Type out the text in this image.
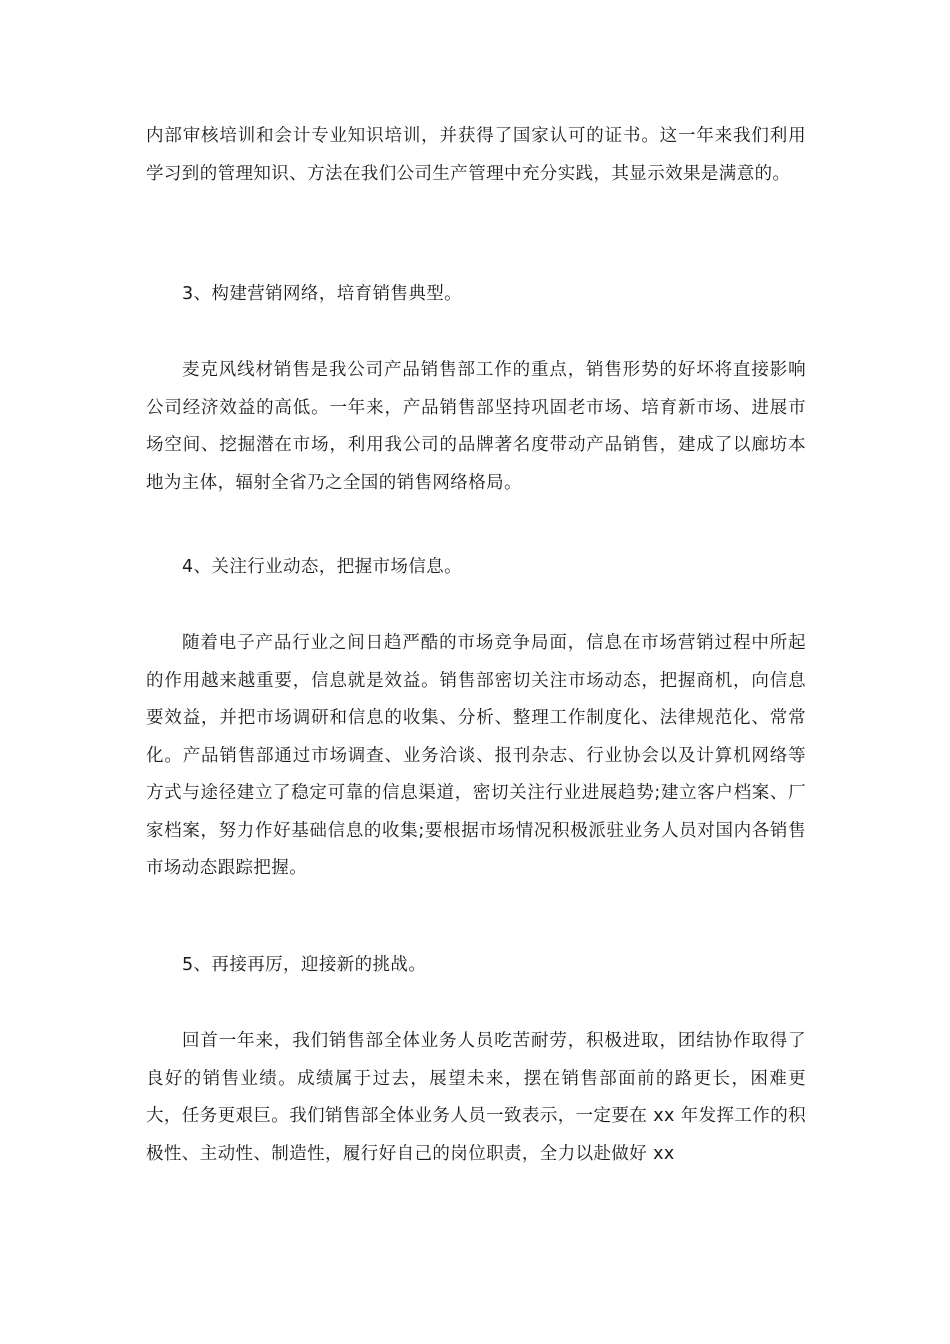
内部审核培训和会计专业知识培训，并获得了国家认可的证书。这一年来我们利用学习到的管理知识、方法在我们公司生产管理中充分实践，其显示效果是满意的。

3、构建营销网络，培育销售典型。

麦克风线材销售是我公司产品销售部工作的重点，销售形势的好坏将直接影响公司经济效益的高低。一年来，产品销售部坚持巩固老市场、培育新市场、进展市场空间、挖掘潜在市场，利用我公司的品牌著名度带动产品销售，建成了以廊坊本地为主体，辐射全省乃之全国的销售网络格局。

4、关注行业动态，把握市场信息。

随着电子产品行业之间日趋严酷的市场竞争局面，信息在市场营销过程中所起的作用越来越重要，信息就是效益。销售部密切关注市场动态，把握商机，向信息要效益，并把市场调研和信息的收集、分析、整理工作制度化、法律规范化、常常化。产品销售部通过市场调查、业务洽谈、报刊杂志、行业协会以及计算机网络等方式与途径建立了稳定可靠的信息渠道，密切关注行业进展趋势;建立客户档案、厂家档案，努力作好基础信息的收集;要根据市场情况积极派驻业务人员对国内各销售市场动态跟踪把握。

5、再接再厉，迎接新的挑战。

回首一年来，我们销售部全体业务人员吃苦耐劳，积极进取，团结协作取得了良好的销售业绩。成绩属于过去，展望未来，摆在销售部面前的路更长，困难更大，任务更艰巨。我们销售部全体业务人员一致表示，一定要在 xx 年发挥工作的积极性、主动性、制造性，履行好自己的岗位职责，全力以赴做好 xx
